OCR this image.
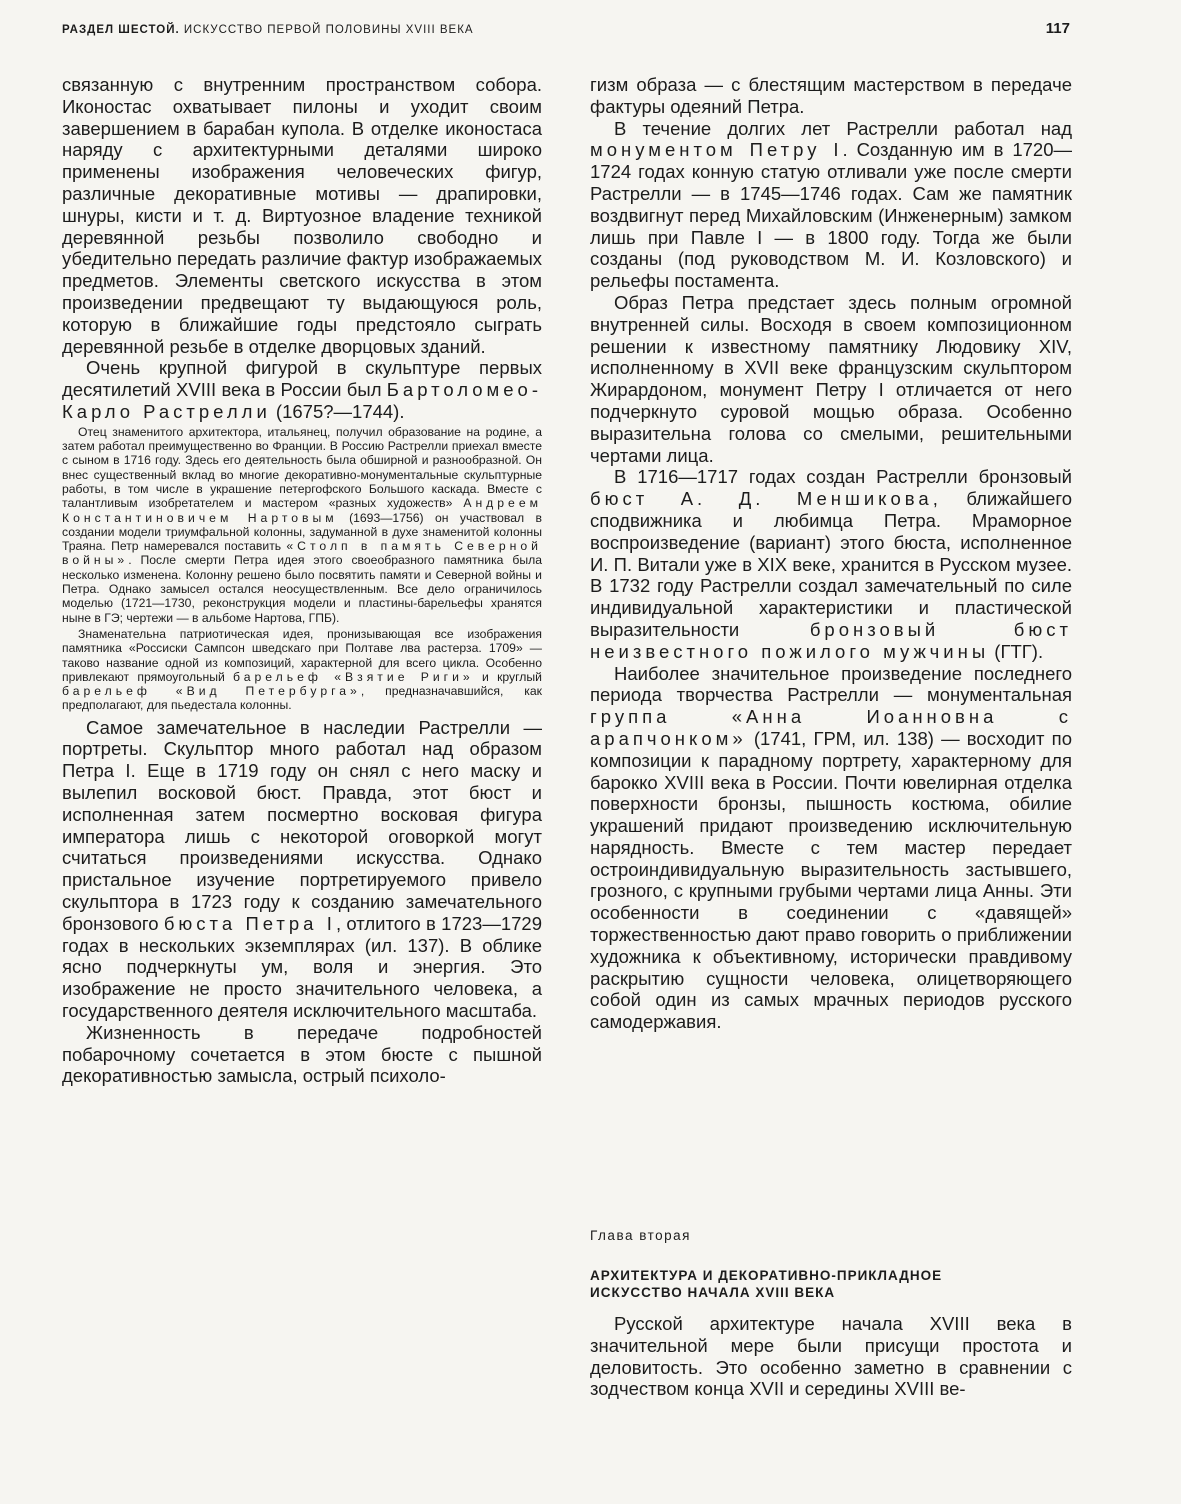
РАЗДЕЛ ШЕСТОЙ. ИСКУССТВО ПЕРВОЙ ПОЛОВИНЫ XVIII ВЕКА	117

связанную с внутренним пространством собора. Иконостас охватывает пилоны и уходит своим завершением в барабан купола. В отделке иконостаса наряду с архитектурными деталями широко применены изображения человеческих фигур, различные декоративные мотивы — драпировки, шнуры, кисти и т. д. Виртуозное владение техникой деревянной резьбы позволило свободно и убедительно передать различие фактур изображаемых предметов. Элементы светского искусства в этом произведении предвещают ту выдающуюся роль, которую в ближайшие годы предстояло сыграть деревянной резьбе в отделке дворцовых зданий.

Очень крупной фигурой в скульптуре первых десятилетий XVIII века в России был Бартоломео-Карло Растрелли (1675?—1744).

Отец знаменитого архитектора, итальянец, получил образование на родине, а затем работал преимущественно во Франции. В Россию Растрелли приехал вместе с сыном в 1716 году. Здесь его деятельность была обширной и разнообразной. Он внес существенный вклад во многие декоративно-монументальные скульптурные работы, в том числе в украшение петергофского Большого каскада. Вместе с талантливым изобретателем и мастером «разных художеств» Андреем Константиновичем Нартовым (1693—1756) он участвовал в создании модели триумфальной колонны, задуманной в духе знаменитой колонны Траяна. Петр намеревался поставить «Столп в память Северной войны». После смерти Петра идея этого своеобразного памятника была несколько изменена. Колонну решено было посвятить памяти и Северной войны и Петра. Однако замысел остался неосуществленным. Все дело ограничилось моделью (1721—1730, реконструкция модели и пластины-барельефы хранятся ныне в ГЭ; чертежи — в альбоме Нартова, ГПБ).

Знаменательна патриотическая идея, пронизывающая все изображения памятника «Россиски Сампсон шведскаго при Полтаве лва растерза. 1709» — таково название одной из композиций, характерной для всего цикла. Особенно привлекают прямоугольный барельеф «Взятие Риги» и круглый барельеф «Вид Петербурга», предназначавшийся, как предполагают, для пьедестала колонны.

Самое замечательное в наследии Растрелли — портреты. Скульптор много работал над образом Петра I. Еще в 1719 году он снял с него маску и вылепил восковой бюст. Правда, этот бюст и исполненная затем посмертно восковая фигура императора лишь с некоторой оговоркой могут считаться произведениями искусства. Однако пристальное изучение портретируемого привело скульптора в 1723 году к созданию замечательного бронзового бюста Петра I, отлитого в 1723—1729 годах в нескольких экземплярах (ил. 137). В облике ясно подчеркнуты ум, воля и энергия. Это изображение не просто значительного человека, а государственного деятеля исключительного масштаба.

Жизненность в передаче подробностей побарочному сочетается в этом бюсте с пышной декоративностью замысла, острый психоло-

гизм образа — с блестящим мастерством в передаче фактуры одеяний Петра.

В течение долгих лет Растрелли работал над монументом Петру I. Созданную им в 1720—1724 годах конную статую отливали уже после смерти Растрелли — в 1745—1746 годах. Сам же памятник воздвигнут перед Михайловским (Инженерным) замком лишь при Павле I — в 1800 году. Тогда же были созданы (под руководством М. И. Козловского) и рельефы постамента.

Образ Петра предстает здесь полным огромной внутренней силы. Восходя в своем композиционном решении к известному памятнику Людовику XIV, исполненному в XVII веке французским скульптором Жирардоном, монумент Петру I отличается от него подчеркнуто суровой мощью образа. Особенно выразительна голова со смелыми, решительными чертами лица.

В 1716—1717 годах создан Растрелли бронзовый бюст А. Д. Меншикова, ближайшего сподвижника и любимца Петра. Мраморное воспроизведение (вариант) этого бюста, исполненное И. П. Витали уже в XIX веке, хранится в Русском музее. В 1732 году Растрелли создал замечательный по силе индивидуальной характеристики и пластической выразительности бронзовый бюст неизвестного пожилого мужчины (ГТГ).

Наиболее значительное произведение последнего периода творчества Растрелли — монументальная группа «Анна Иоанновна с арапчонком» (1741, ГРМ, ил. 138) — восходит по композиции к парадному портрету, характерному для барокко XVIII века в России. Почти ювелирная отделка поверхности бронзы, пышность костюма, обилие украшений придают произведению исключительную нарядность. Вместе с тем мастер передает остроиндивидуальную выразительность застывшего, грозного, с крупными грубыми чертами лица Анны. Эти особенности в соединении с «давящей» торжественностью дают право говорить о приближении художника к объективному, исторически правдивому раскрытию сущности человека, олицетворяющего собой один из самых мрачных периодов русского самодержавия.

Глава вторая

АРХИТЕКТУРА И ДЕКОРАТИВНО-ПРИКЛАДНОЕ
ИСКУССТВО НАЧАЛА XVIII ВЕКА

Русской архитектуре начала XVIII века в значительной мере были присущи простота и деловитость. Это особенно заметно в сравнении с зодчеством конца XVII и середины XVIII ве-
